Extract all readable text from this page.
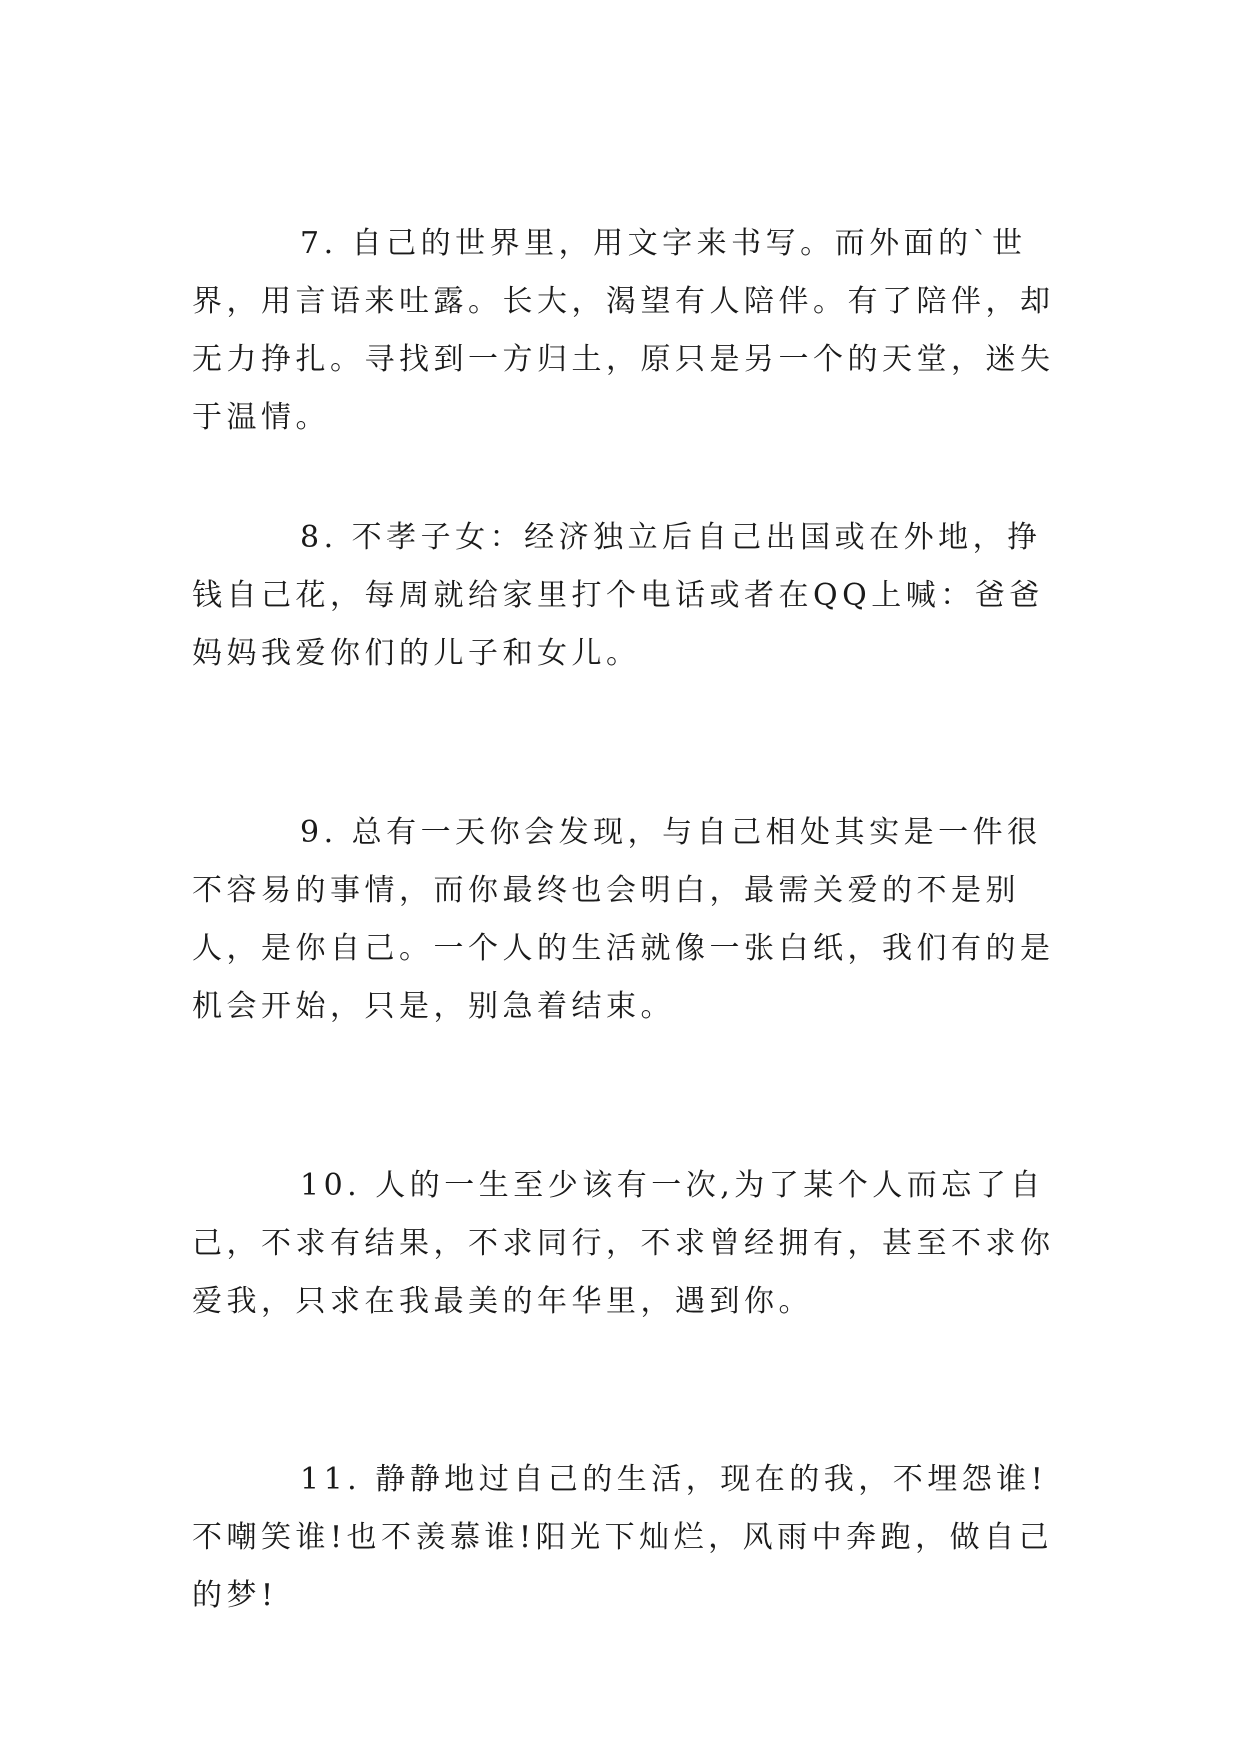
7. 自己的世界里，用文字来书写。而外面的`世界，用言语来吐露。长大，渴望有人陪伴。有了陪伴，却无力挣扎。寻找到一方归土，原只是另一个的天堂，迷失于温情。

8. 不孝子女：经济独立后自己出国或在外地，挣钱自己花，每周就给家里打个电话或者在QQ上喊：爸爸妈妈我爱你们的儿子和女儿。

9. 总有一天你会发现，与自己相处其实是一件很不容易的事情，而你最终也会明白，最需关爱的不是别人，是你自己。一个人的生活就像一张白纸，我们有的是机会开始，只是，别急着结束。

10. 人的一生至少该有一次,为了某个人而忘了自己，不求有结果，不求同行，不求曾经拥有，甚至不求你爱我，只求在我最美的年华里，遇到你。

11. 静静地过自己的生活，现在的我，不埋怨谁!不嘲笑谁!也不羡慕谁!阳光下灿烂，风雨中奔跑，做自己的梦!
